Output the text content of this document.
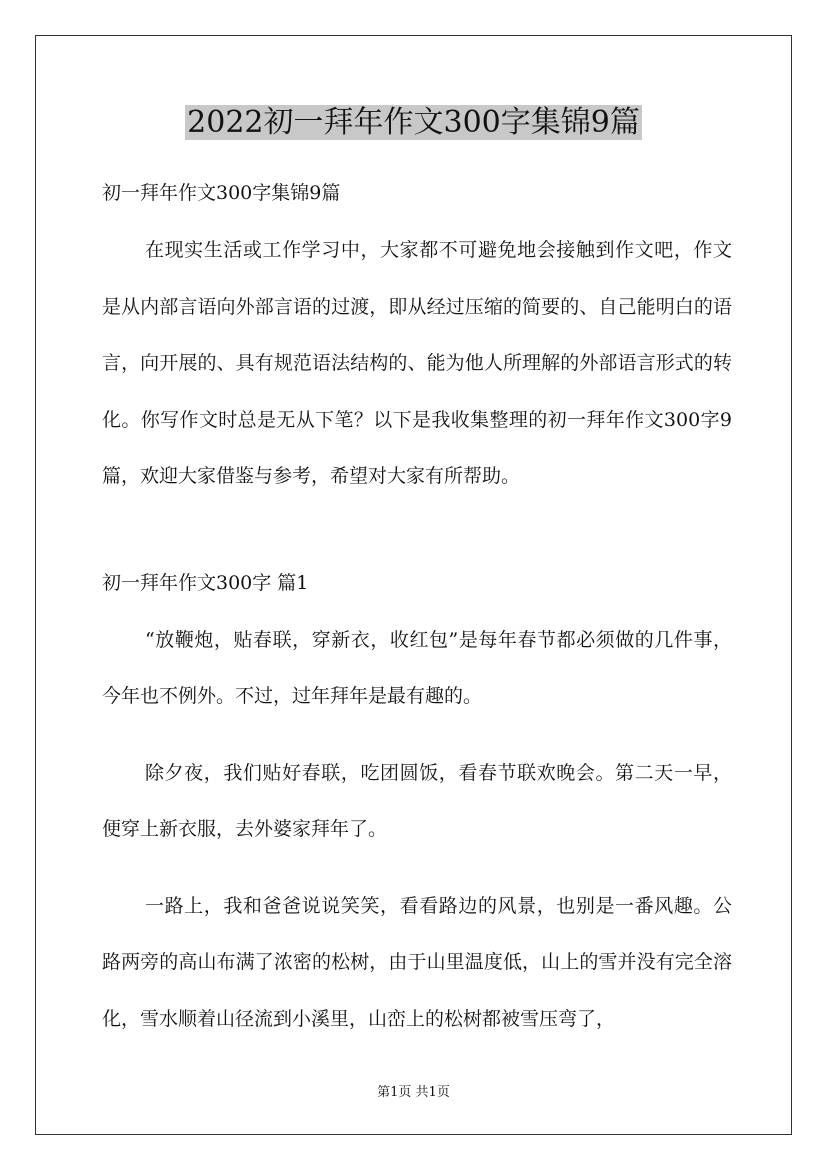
2022初一拜年作文300字集锦9篇

初一拜年作文300字集锦9篇

在现实生活或工作学习中，大家都不可避免地会接触到作文吧，作文是从内部言语向外部言语的过渡，即从经过压缩的简要的、自己能明白的语言，向开展的、具有规范语法结构的、能为他人所理解的外部语言形式的转化。你写作文时总是无从下笔？以下是我收集整理的初一拜年作文300字9篇，欢迎大家借鉴与参考，希望对大家有所帮助。

初一拜年作文300字 篇1

“放鞭炮，贴春联，穿新衣，收红包”是每年春节都必须做的几件事，今年也不例外。不过，过年拜年是最有趣的。

除夕夜，我们贴好春联，吃团圆饭，看春节联欢晚会。第二天一早，便穿上新衣服，去外婆家拜年了。

一路上，我和爸爸说说笑笑，看看路边的风景，也别是一番风趣。公路两旁的高山布满了浓密的松树，由于山里温度低，山上的雪并没有完全溶化，雪水顺着山径流到小溪里，山峦上的松树都被雪压弯了，

第1页 共1页
